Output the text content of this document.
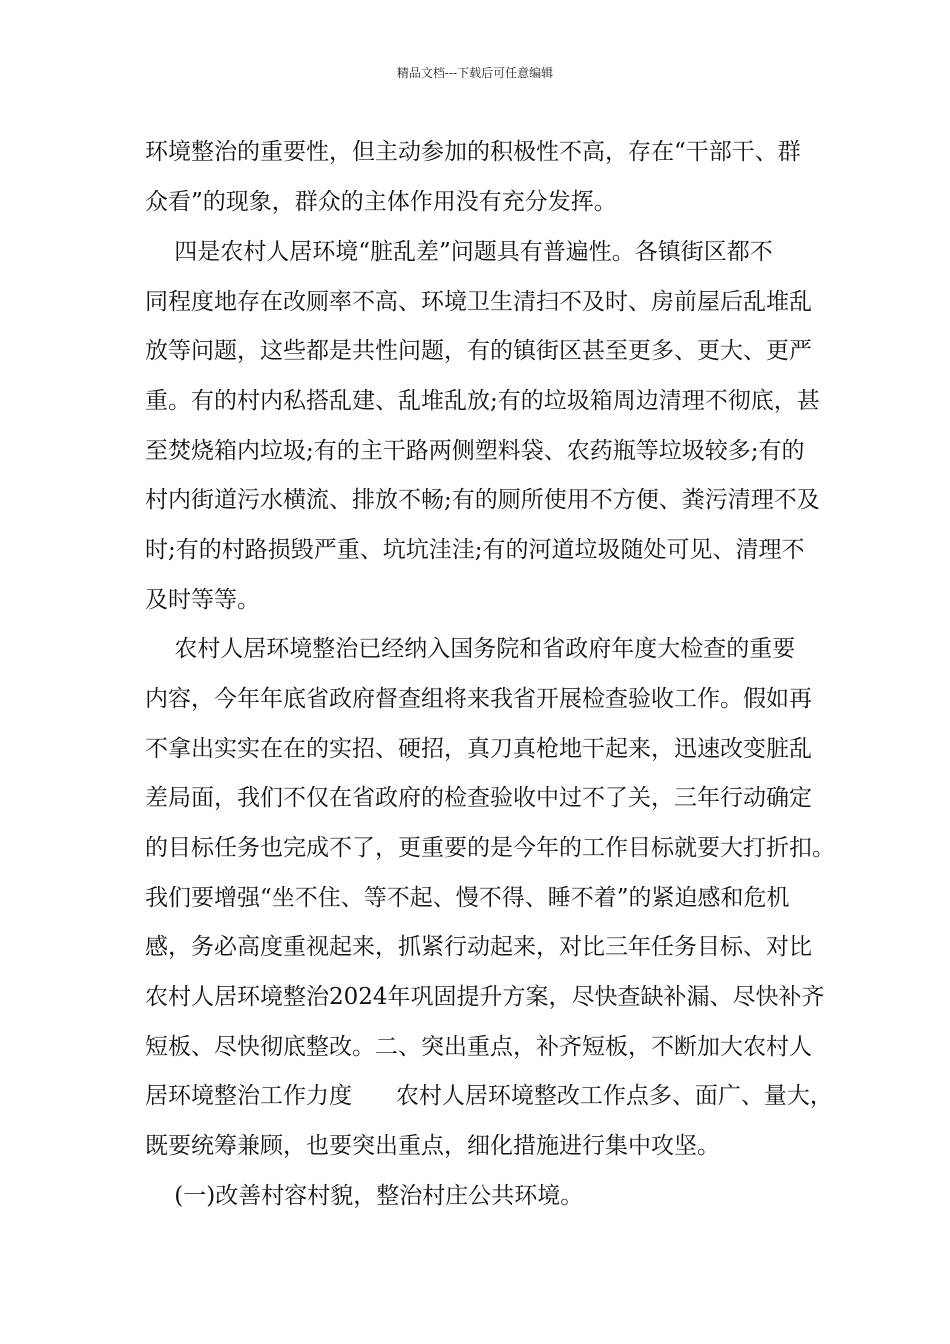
精品文档---下载后可任意编辑
环境整治的重要性，但主动参加的积极性不高，存在“干部干、群
众看”的现象，群众的主体作用没有充分发挥。
四是农村人居环境“脏乱差”问题具有普遍性。各镇街区都不
同程度地存在改厕率不高、环境卫生清扫不及时、房前屋后乱堆乱
放等问题，这些都是共性问题，有的镇街区甚至更多、更大、更严
重。有的村内私搭乱建、乱堆乱放;有的垃圾箱周边清理不彻底，甚
至焚烧箱内垃圾;有的主干路两侧塑料袋、农药瓶等垃圾较多;有的
村内街道污水横流、排放不畅;有的厕所使用不方便、粪污清理不及
时;有的村路损毁严重、坑坑洼洼;有的河道垃圾随处可见、清理不
及时等等。
农村人居环境整治已经纳入国务院和省政府年度大检查的重要
内容，今年年底省政府督查组将来我省开展检查验收工作。假如再
不拿出实实在在的实招、硬招，真刀真枪地干起来，迅速改变脏乱
差局面，我们不仅在省政府的检查验收中过不了关，三年行动确定
的目标任务也完成不了，更重要的是今年的工作目标就要大打折扣。
我们要增强“坐不住、等不起、慢不得、睡不着”的紧迫感和危机
感，务必高度重视起来，抓紧行动起来，对比三年任务目标、对比
农村人居环境整治2024年巩固提升方案，尽快查缺补漏、尽快补齐
短板、尽快彻底整改。二、突出重点，补齐短板，不断加大农村人
居环境整治工作力度      农村人居环境整改工作点多、面广、量大，
既要统筹兼顾，也要突出重点，细化措施进行集中攻坚。
(一)改善村容村貌，整治村庄公共环境。
